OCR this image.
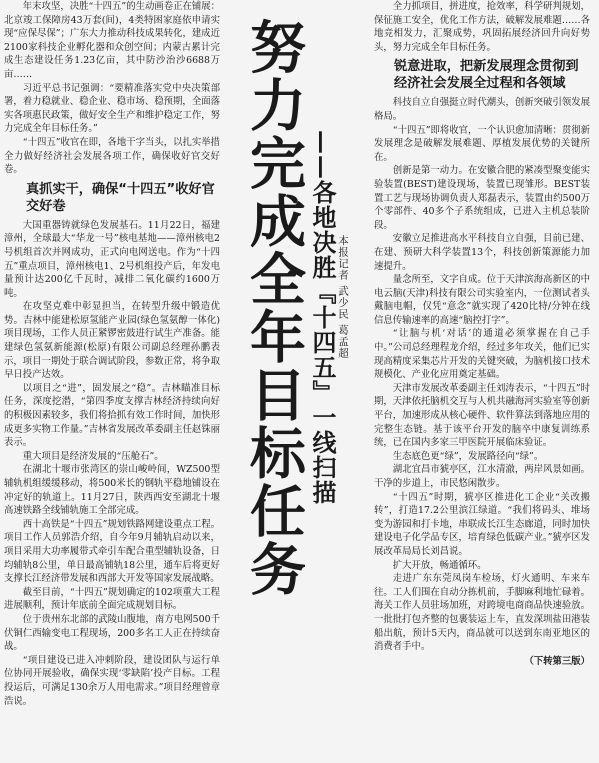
年末攻坚，决胜“十四五”的生动画卷正在铺展：北京竣工保障房43万套(间)，4类特困家庭依申请实现“应保尽保”；广东大力推动科技成果转化，建成近2100家科技企业孵化器和众创空间；内蒙古累计完成生态建设任务1.23亿亩，其中防沙治沙6688万亩……

习近平总书记强调：“要精准落实党中央决策部署，着力稳就业、稳企业、稳市场、稳预期，全面落实各项惠民政策，做好安全生产和维护稳定工作，努力完成全年目标任务。”

“十四五”收官在即，各地干字当头，以扎实举措全力做好经济社会发展各项工作，确保收好官交好卷。

真抓实干，确保“十四五”收好官交好卷

大国重器铸就绿色发展基石。11月22日，福建漳州，全球最大“华龙一号”核电基地——漳州核电2号机组首次并网成功，正式向电网送电。作为“十四五”重点项目，漳州核电1、2号机组投产后，年发电量预计达200亿千瓦时，减排二氧化碳约1600万吨。

在攻坚克难中彰显担当，在转型升级中锻造优势。吉林中能建松原氢能产业园(绿色氢氨醇一体化)项目现场，工作人员正紧锣密鼓进行试生产准备。能建绿色氢氨新能源(松原)有限公司副总经理孙鹏表示，项目一期处于联合调试阶段，参数正常，将争取早日投产达效。

以项目之“进”，固发展之“稳”。吉林瞄准目标任务，深度挖潜，“第四季度支撑吉林经济持续向好的积极因素较多，我们将拾抓有效工作时间，加快形成更多实物工作量。”吉林省发展改革委副主任赵铢丽表示。

重大项目是经济发展的“压舱石”。

在湖北十堰市张湾区的崇山峻岭间，WZ500型辅轨机组缓缓移动，将500米长的钢轨平稳地铺设在冲定好的轨道上。11月27日，陕西西安至湖北十堰高速铁路全线铺轨施工全部完成。

西十高铁是“十四五”规划铁路网建设重点工程。项目工作人员郭浩介绍，自今年9月辅轨启动以来，项目采用大功率履带式牵引车配合重型辅轨设备，日均辅轨8公里，单日最高铺轨18公里，通车后将更好支撑长江经济带发展和西部大开发等国家发展战略。

截至目前，“十四五”规划确定的102项重大工程进展顺利，预计年底前全面完成规划目标。

位于贵州东北部的武陵山腹地，南方电网500千伏铜仁西输变电工程现场，200多名工人正在持续奋战。

“项目建设已进入冲刺阶段，建设团队与运行单位协同开展验收，确保实现‘零缺陷’投产目标。工程投运后，可满足130余万人用电需求。”项目经理曾章浩说。

努力完成全年目标任务 ——各地决胜『十四五』一线扫描 本报记者 武少民 葛孟超

全力抓项目，拼进度，抢效率，科学研判规划，保征施工安全，优化工作方法，破解发展难题……各地竞相发力，汇聚成势，巩固拓展经济回升向好势头，努力完成全年目标任务。

锐意进取，把新发展理念贯彻到经济社会发展全过程和各领域

科技自立自强挺立时代潮头，创新突破引领发展格局。

“十四五”即将收官，一个认识愈加清晰：贯彻新发展理念是破解发展难题、厚植发展优势的关键所在。

创新是第一动力。在安徽合肥的紧凑型聚变能实验装置(BEST)建设现场，装置已现雏形。BEST装置工艺与现场协调负责人郑磊表示，装置由约500万个零部件、40多个子系统组成，已进入主机总装阶段。

安徽立足推进高水平科技自立自强，目前已建、在建、预研大科学装置13个，科技创新策源能力加速提升。

量念所至，文字自成。位于天津滨海高新区的中电云脑(天津)科技有限公司实验室内，一位测试者头戴脑电帽，仅凭“意念”就实现了420比特/分钟在线信息传输速率的高速“脑控打字”。

“让脑与机‘对话’的通道必须掌握在自己手中。”公司总经理程龙介绍，经过多年攻关，他们已实现高精度采集芯片开发的关键突破，为脑机接口技术规模化、产业化应用奠定基础。

天津市发展改革委副主任刘涛表示，“十四五”时期，天津依托脑机交互与人机共融海河实验室等创新平台，加速形成从核心硬件、软件算法到落地应用的完整生态链。基于该平台开发的脑卒中康复训练系统，已在国内多家三甲医院开展临床验证。

生态底色更“绿”，发展路径向“绿”。

湖北宜昌市猇亭区，江水清澈，两岸风景如画。干净的步道上，市民悠闲散步。

“十四五”时期，猇亭区推进化工企业“关改搬转”，打造17.2公里滨江绿道。“我们将码头、堆场变为游园和打卡地，串联成长江生态廊道，同时加快建设电子化学品专区，培育绿色低碳产业。”猇亭区发展改革局局长刘昌说。

扩大开放，畅通循环。

走进广东东莞凤岗车检场，灯火通明、车来车往。工人们围在自动分拣机前，手脚麻利地忙碌着。海关工作人员驻场加班，对跨境电商商品快速验放。一批批打包齐整的包裹装运上车，直发深圳盐田港装船出航，预计5天内，商品就可以送到东南亚地区的消费者手中。

（下转第三版）
